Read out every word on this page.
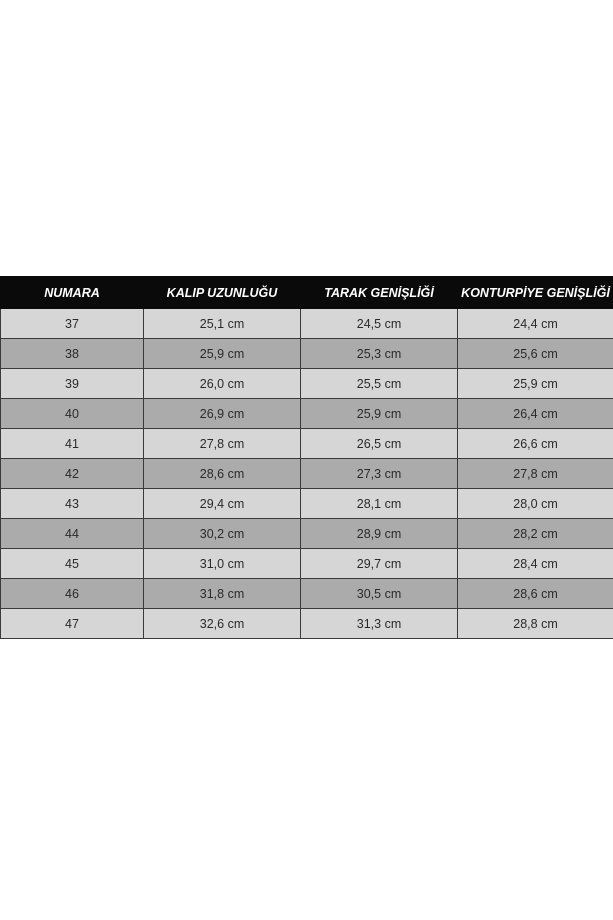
NUMARA	KALIP UZUNLUĞU	TARAK GENİŞLİĞİ	KONTURPİYE GENİŞLİĞİ
37	25,1 cm	24,5 cm	24,4 cm
38	25,9 cm	25,3 cm	25,6 cm
39	26,0 cm	25,5 cm	25,9 cm
40	26,9 cm	25,9 cm	26,4 cm
41	27,8 cm	26,5 cm	26,6 cm
42	28,6 cm	27,3 cm	27,8 cm
43	29,4 cm	28,1 cm	28,0 cm
44	30,2 cm	28,9 cm	28,2 cm
45	31,0 cm	29,7 cm	28,4 cm
46	31,8 cm	30,5 cm	28,6 cm
47	32,6 cm	31,3 cm	28,8 cm
